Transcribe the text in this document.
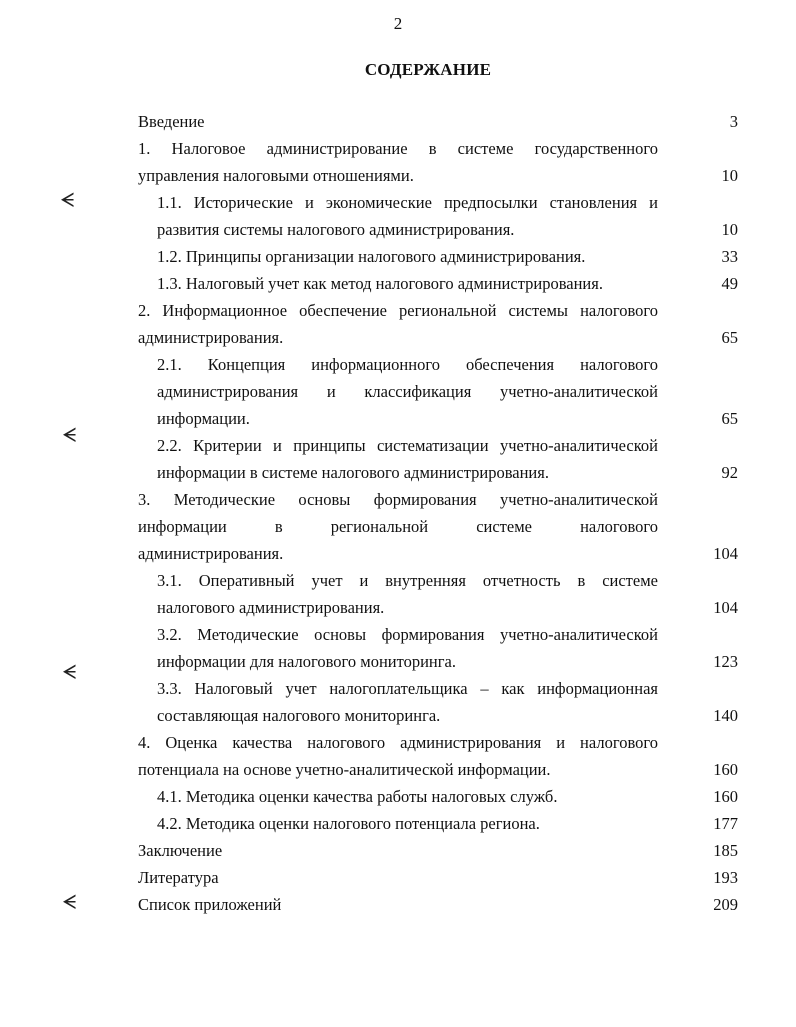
2
СОДЕРЖАНИЕ
ᗕ
ᗕ
ᗕ
ᗕ
Введение	3
1. Налоговое администрирование в системе государственного
управления налоговыми отношениями.	10
1.1. Исторические и экономические предпосылки становления и
развития системы налогового администрирования.	10
1.2. Принципы организации налогового администрирования.	33
1.3. Налоговый учет как метод налогового администрирования.	49
2. Информационное обеспечение региональной системы налогового
администрирования.	65
2.1. Концепция информационного обеспечения налогового
администрирования и классификация учетно-аналитической
информации.	65
2.2. Критерии и принципы систематизации учетно-аналитической
информации в системе налогового администрирования.	92
3. Методические основы формирования учетно-аналитической
информации в региональной системе налогового
администрирования.	104
3.1. Оперативный учет и внутренняя отчетность в системе
налогового администрирования.	104
3.2. Методические основы формирования учетно-аналитической
информации для налогового мониторинга.	123
3.3. Налоговый учет налогоплательщика – как информационная
составляющая налогового мониторинга.	140
4. Оценка качества налогового администрирования и налогового
потенциала на основе учетно-аналитической информации.	160
4.1. Методика оценки качества работы налоговых служб.	160
4.2. Методика оценки налогового потенциала региона.	177
Заключение	185
Литература	193
Список приложений	209
